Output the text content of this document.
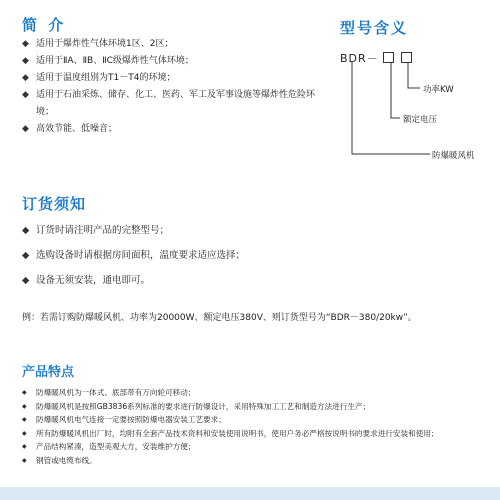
简 介
◆ 适用于爆炸性气体环境1区、2区；
◆ 适用于ⅡA、ⅡB、ⅡC级爆炸性气体环境；
◆ 适用于温度组别为T1－T4的环境；
◆ 适用于石油采炼、储存、化工、医药、军工及军事设施等爆炸性危险环境；
◆ 高效节能、低噪音；
型号含义
BDR－
功率KW
额定电压
防爆暖风机
订货须知
◆ 订货时请注明产品的完整型号；
◆ 选购设备时请根据房间面积，温度要求适应选择；
◆ 设备无须安装，通电即可。
例：若需订购防爆暖风机、功率为20000W、额定电压380V、则订货型号为“BDR－380/20kw”。
产品特点
◆ 防爆暖风机为一体式、底部带有万向轮可移动；
◆ 防爆暖风机是按照GB3836系列标准的要求进行防爆设计，采用特殊加工工艺和制造方法进行生产；
◆ 防爆暖风机电气连接一定要按照防爆电器安装工艺要求；
◆ 所有防爆暖风机出厂时，均附有全套产品技术资料和安装使用说明书，使用户务必严格按说明书的要求进行安装和使用；
◆ 产品结构紧凑，造型美观大方，安装维护方便；
◆ 钢管或电缆布线。
